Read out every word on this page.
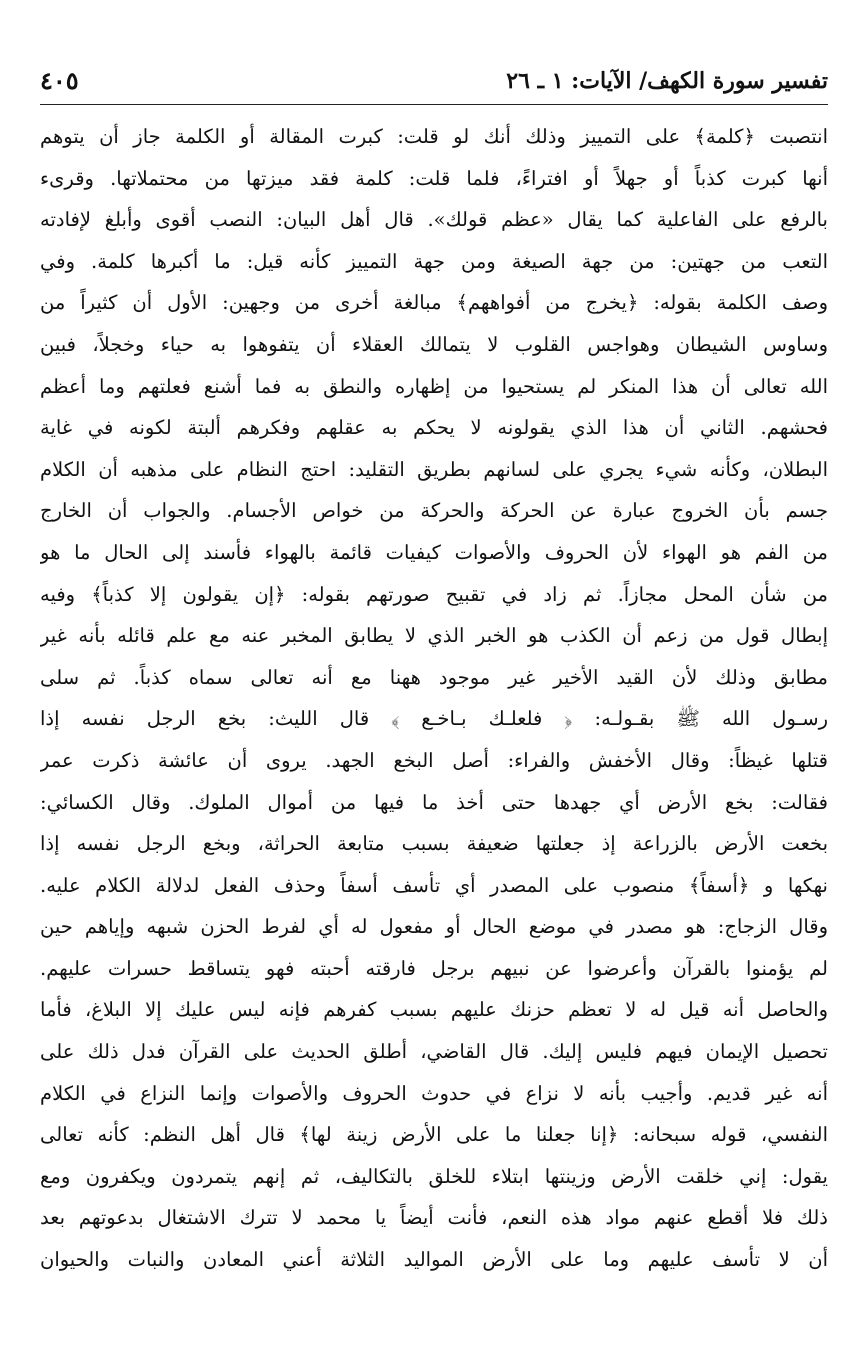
تفسير سورة الكهف/ الآيات: ١ ـ ٢٦
٤٠٥
انتصبت ﴿كلمة﴾ على التمييز وذلك أنك لو قلت: كبرت المقالة أو الكلمة جاز أن يتوهم
أنها كبرت كذباً أو جهلاً أو افتراءً، فلما قلت: كلمة فقد ميزتها من محتملاتها. وقرىء
بالرفع على الفاعلية كما يقال «عظم قولك». قال أهل البيان: النصب أقوى وأبلغ لإفادته
التعب من جهتين: من جهة الصيغة ومن جهة التمييز كأنه قيل: ما أكبرها كلمة. وفي
وصف الكلمة بقوله: ﴿يخرج من أفواههم﴾ مبالغة أخرى من وجهين: الأول أن كثيراً من
وساوس الشيطان وهواجس القلوب لا يتمالك العقلاء أن يتفوهوا به حياء وخجلاً، فبين
الله تعالى أن هذا المنكر لم يستحيوا من إظهاره والنطق به فما أشنع فعلتهم وما أعظم
فحشهم. الثاني أن هذا الذي يقولونه لا يحكم به عقلهم وفكرهم ألبتة لكونه في غاية
البطلان، وكأنه شيء يجري على لسانهم بطريق التقليد: احتج النظام على مذهبه أن الكلام
جسم بأن الخروج عبارة عن الحركة والحركة من خواص الأجسام. والجواب أن الخارج
من الفم هو الهواء لأن الحروف والأصوات كيفيات قائمة بالهواء فأسند إلى الحال ما هو
من شأن المحل مجازاً. ثم زاد في تقبيح صورتهم بقوله: ﴿إن يقولون إلا كذباً﴾ وفيه
إبطال قول من زعم أن الكذب هو الخبر الذي لا يطابق المخبر عنه مع علم قائله بأنه غير
مطابق وذلك لأن القيد الأخير غير موجود ههنا مع أنه تعالى سماه كذباً. ثم سلى
رسـول الله ﷺ بقـولـه: ﴿ فلعلـك بـاخـع ﴾ قال الليث: بخع الرجل نفسه إذا
قتلها غيظاً: وقال الأخفش والفراء: أصل البخع الجهد. يروى أن عائشة ذكرت عمر
فقالت: بخع الأرض أي جهدها حتى أخذ ما فيها من أموال الملوك. وقال الكسائي:
بخعت الأرض بالزراعة إذ جعلتها ضعيفة بسبب متابعة الحراثة، وبخع الرجل نفسه إذا
نهكها و ﴿أسفاً﴾ منصوب على المصدر أي تأسف أسفاً وحذف الفعل لدلالة الكلام عليه.
وقال الزجاج: هو مصدر في موضع الحال أو مفعول له أي لفرط الحزن شبهه وإياهم حين
لم يؤمنوا بالقرآن وأعرضوا عن نبيهم برجل فارقته أحبته فهو يتساقط حسرات عليهم.
والحاصل أنه قيل له لا تعظم حزنك عليهم بسبب كفرهم فإنه ليس عليك إلا البلاغ، فأما
تحصيل الإيمان فيهم فليس إليك. قال القاضي، أطلق الحديث على القرآن فدل ذلك على
أنه غير قديم. وأجيب بأنه لا نزاع في حدوث الحروف والأصوات وإنما النزاع في الكلام
النفسي، قوله سبحانه: ﴿إنا جعلنا ما على الأرض زينة لها﴾ قال أهل النظم: كأنه تعالى
يقول: إني خلقت الأرض وزينتها ابتلاء للخلق بالتكاليف، ثم إنهم يتمردون ويكفرون ومع
ذلك فلا أقطع عنهم مواد هذه النعم، فأنت أيضاً يا محمد لا تترك الاشتغال بدعوتهم بعد
أن لا تأسف عليهم وما على الأرض المواليد الثلاثة أعني المعادن والنبات والحيوان
